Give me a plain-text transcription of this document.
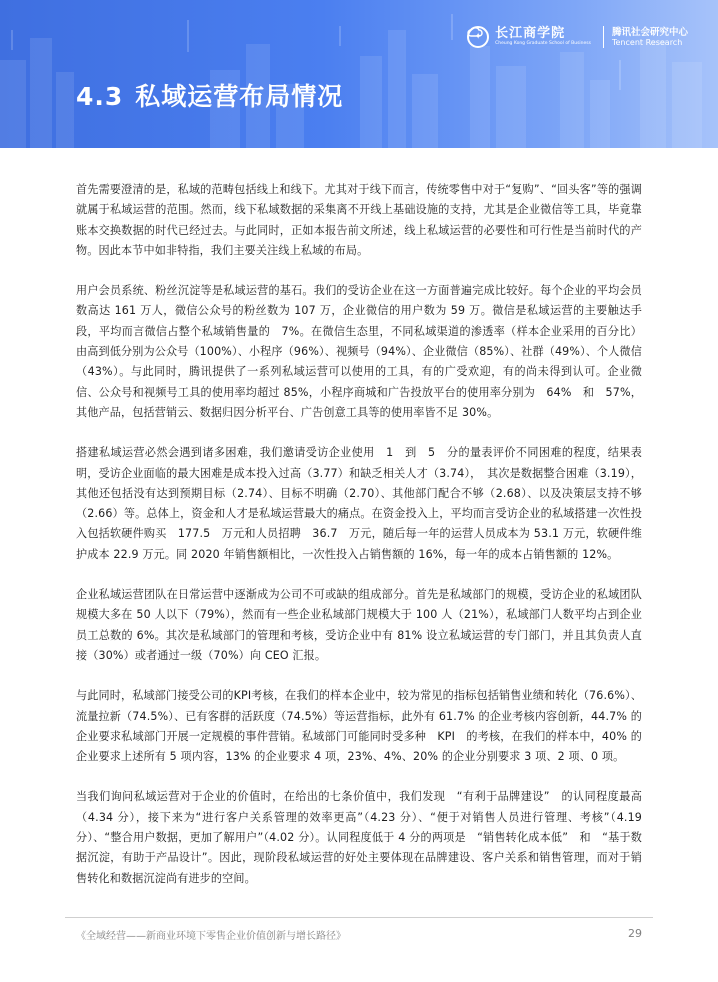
4.3 私域运营布局情况
✦	长江商学院
Cheung Kong Graduate School of Business
腾讯社会研究中心
Tencent Research

首先需要澄清的是，私域的范畴包括线上和线下。尤其对于线下而言，传统零售中对于“复购”、“回头客”等的强调就属于私域运营的范围。然而，线下私域数据的采集离不开线上基础设施的支持，尤其是企业微信等工具，毕竟靠账本交换数据的时代已经过去。与此同时，正如本报告前文所述，线上私域运营的必要性和可行性是当前时代的产物。因此本节中如非特指，我们主要关注线上私域的布局。

用户会员系统、粉丝沉淀等是私域运营的基石。我们的受访企业在这一方面普遍完成比较好。每个企业的平均会员数高达 161 万人，微信公众号的粉丝数为 107 万，企业微信的用户数为 59 万。微信是私域运营的主要触达手段，平均而言微信占整个私域销售量的　7%。在微信生态里，不同私域渠道的渗透率（样本企业采用的百分比）由高到低分别为公众号（100%）、小程序（96%）、视频号（94%）、企业微信（85%）、社群（49%）、个人微信（43%）。与此同时，腾讯提供了一系列私域运营可以使用的工具，有的广受欢迎，有的尚未得到认可。企业微信、公众号和视频号工具的使用率均超过 85%，小程序商城和广告投放平台的使用率分别为　64%　和　57%，其他产品，包括营销云、数据归因分析平台、广告创意工具等的使用率皆不足 30%。

搭建私域运营必然会遇到诸多困难，我们邀请受访企业使用　1　到　5　分的量表评价不同困难的程度，结果表明，受访企业面临的最大困难是成本投入过高（3.77）和缺乏相关人才（3.74），　其次是数据整合困难（3.19），其他还包括没有达到预期目标（2.74）、目标不明确（2.70）、其他部门配合不够（2.68）、以及决策层支持不够（2.66）等。总体上，资金和人才是私域运营最大的痛点。在资金投入上，平均而言受访企业的私域搭建一次性投入包括软硬件购买　177.5　万元和人员招聘　36.7　万元，随后每一年的运营人员成本为 53.1 万元，软硬件维护成本 22.9 万元。同 2020 年销售额相比，一次性投入占销售额的 16%，每一年的成本占销售额的 12%。

企业私域运营团队在日常运营中逐渐成为公司不可或缺的组成部分。首先是私域部门的规模，受访企业的私域团队规模大多在 50 人以下（79%），然而有一些企业私域部门规模大于 100 人（21%），私域部门人数平均占到企业员工总数的 6%。其次是私域部门的管理和考核，受访企业中有 81% 设立私域运营的专门部门，并且其负责人直接（30%）或者通过一级（70%）向 CEO 汇报。

与此同时，私域部门接受公司的KPI考核，在我们的样本企业中，较为常见的指标包括销售业绩和转化（76.6%）、流量拉新（74.5%）、已有客群的活跃度（74.5%）等运营指标，此外有 61.7% 的企业考核内容创新，44.7% 的企业要求私域部门开展一定规模的事件营销。私域部门可能同时受多种　KPI　的考核，在我们的样本中，40% 的企业要求上述所有 5 项内容，13% 的企业要求 4 项，23%、4%、20% 的企业分别要求 3 项、2 项、0 项。

当我们询问私域运营对于企业的价值时，在给出的七条价值中，我们发现　“有利于品牌建设”　的认同程度最高（4.34 分），接下来为“进行客户关系管理的效率更高”（4.23 分）、“便于对销售人员进行管理、考核”（4.19 分）、“整合用户数据，更加了解用户”（4.02 分）。认同程度低于 4 分的两项是　“销售转化成本低”　和　“基于数据沉淀，有助于产品设计”。因此，现阶段私域运营的好处主要体现在品牌建设、客户关系和销售管理，而对于销售转化和数据沉淀尚有进步的空间。

《全域经营——新商业环境下零售企业价值创新与增长路径》	29
